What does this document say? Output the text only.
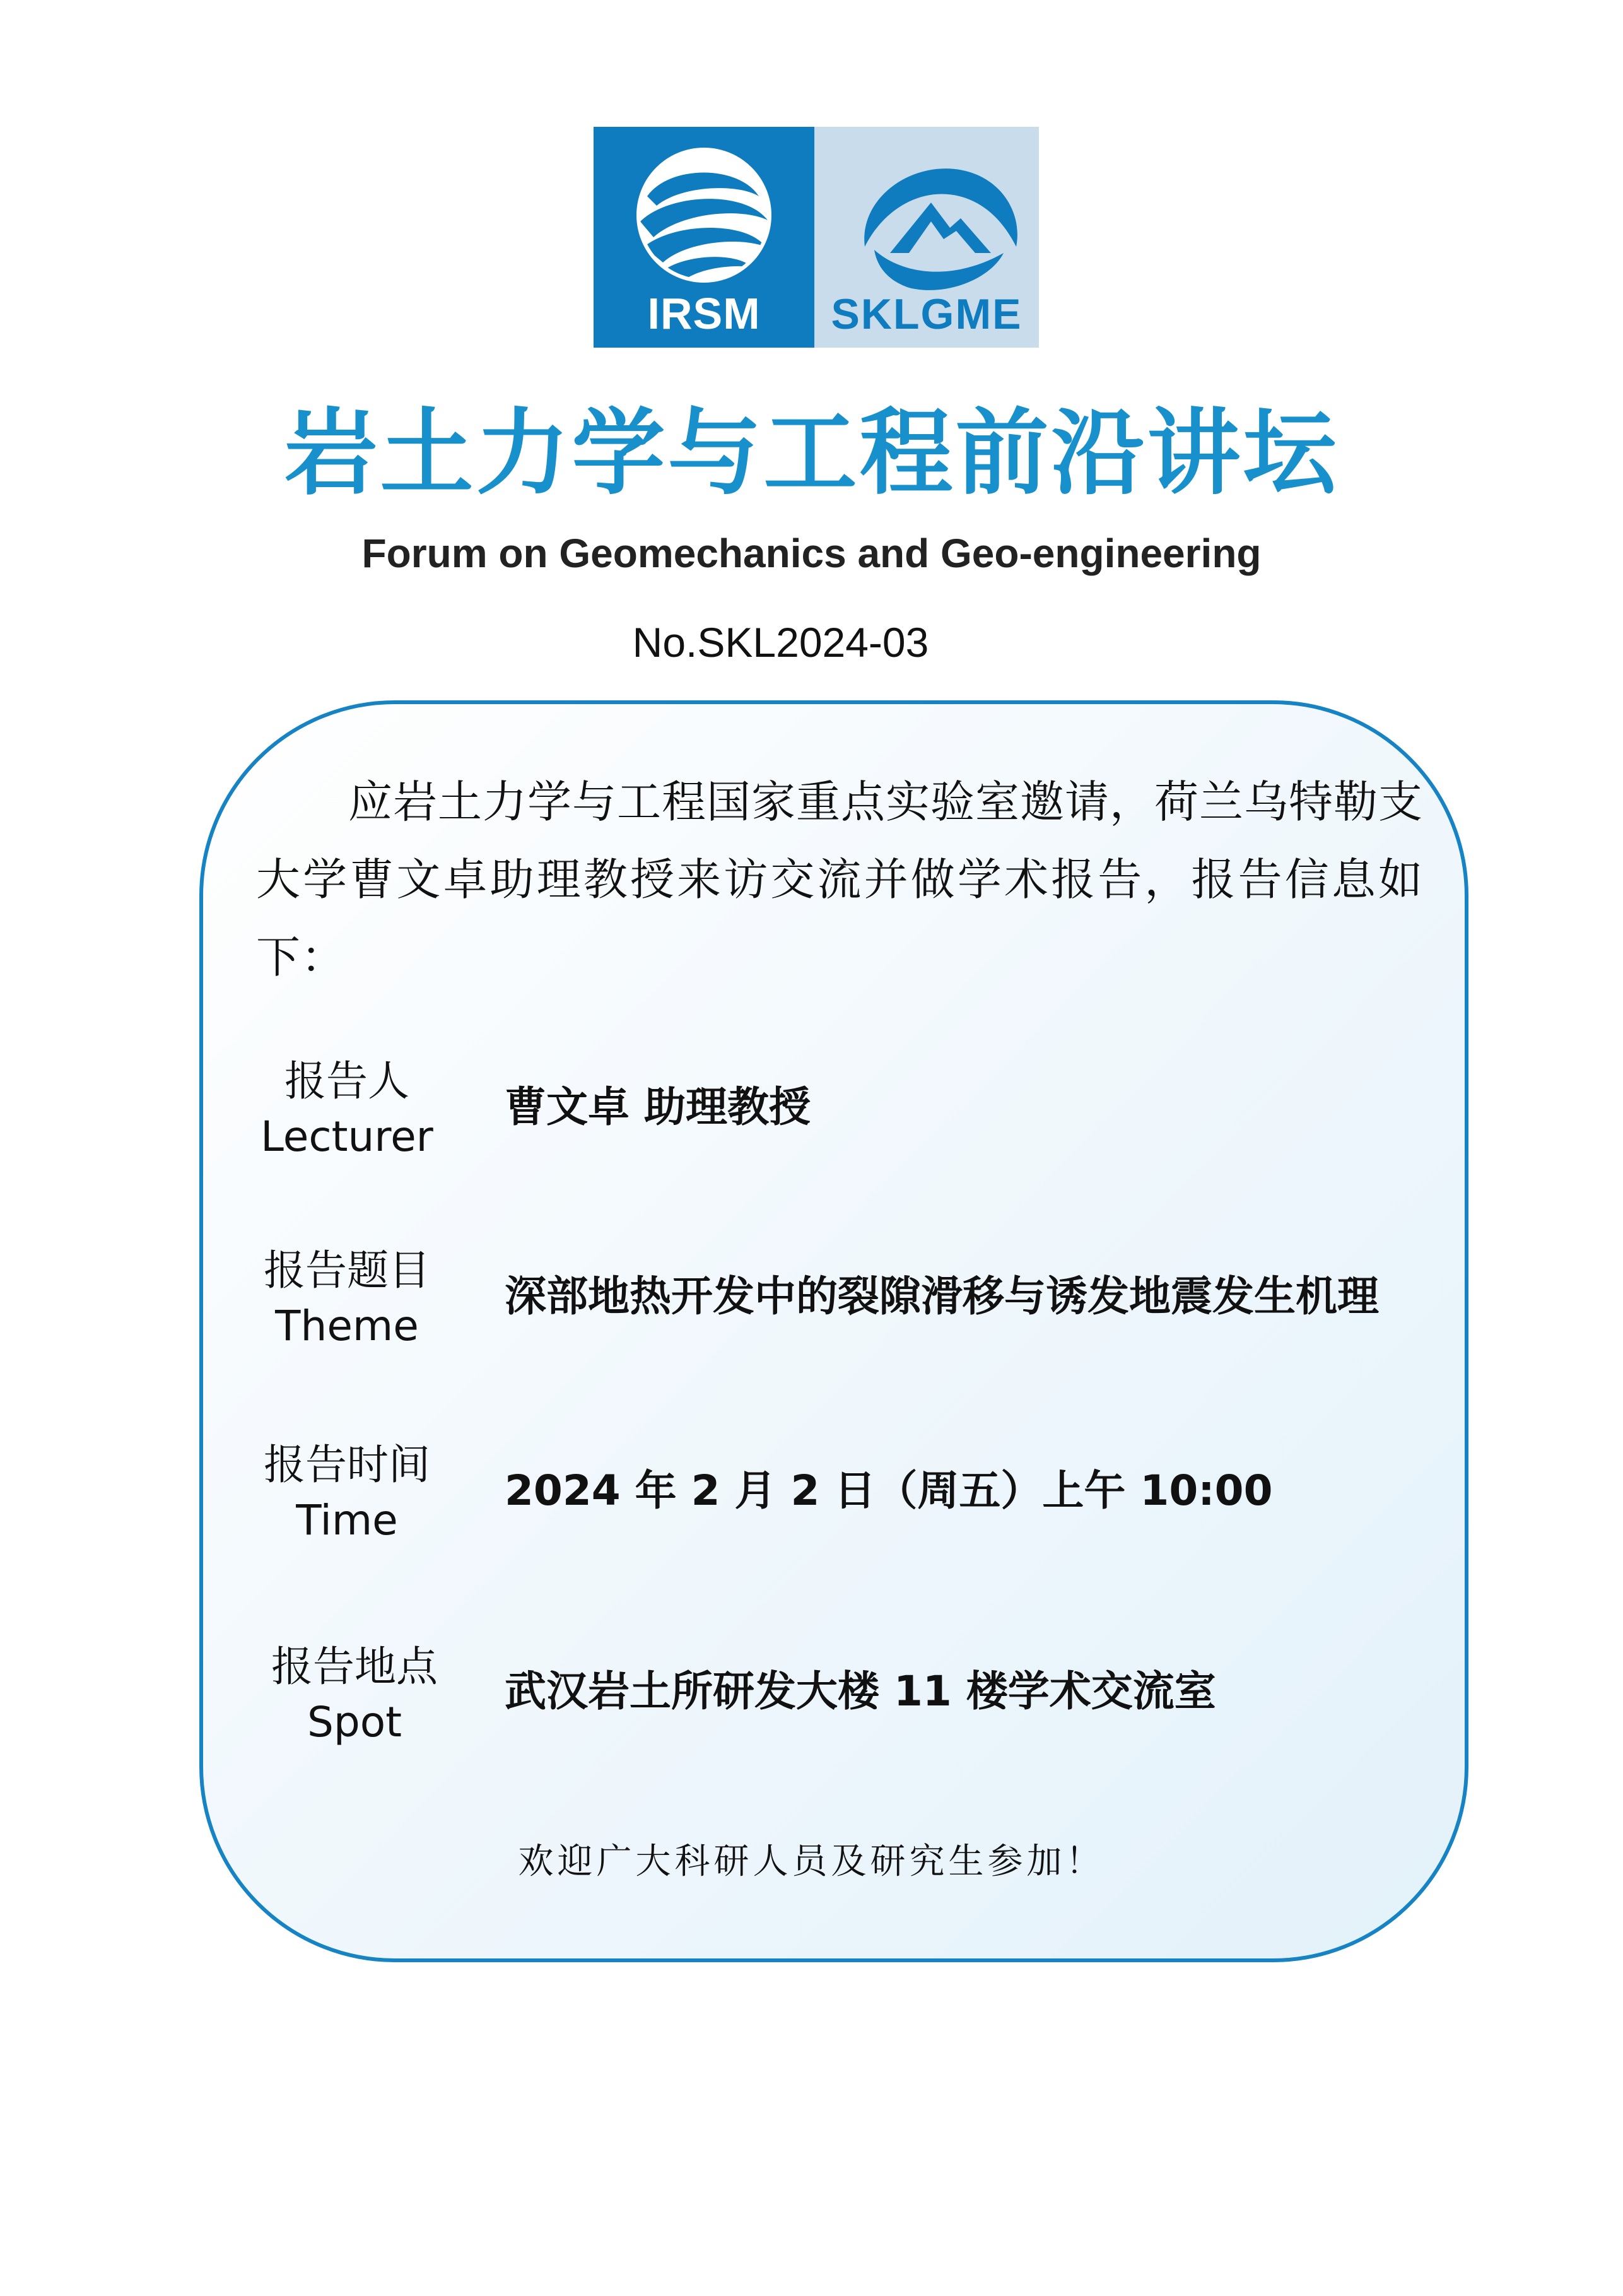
IRSM	SKLGME
岩土力学与工程前沿讲坛
Forum on Geomechanics and Geo-engineering
No.SKL2024-03
应岩土力学与工程国家重点实验室邀请，荷兰乌特勒支大学曹文卓助理教授来访交流并做学术报告，报告信息如下：
报告人
Lecturer
曹文卓 助理教授
报告题目
Theme
深部地热开发中的裂隙滑移与诱发地震发生机理
报告时间
Time
2024 年 2 月 2 日（周五）上午 10:00
报告地点
Spot
武汉岩土所研发大楼 11 楼学术交流室
欢迎广大科研人员及研究生参加！
